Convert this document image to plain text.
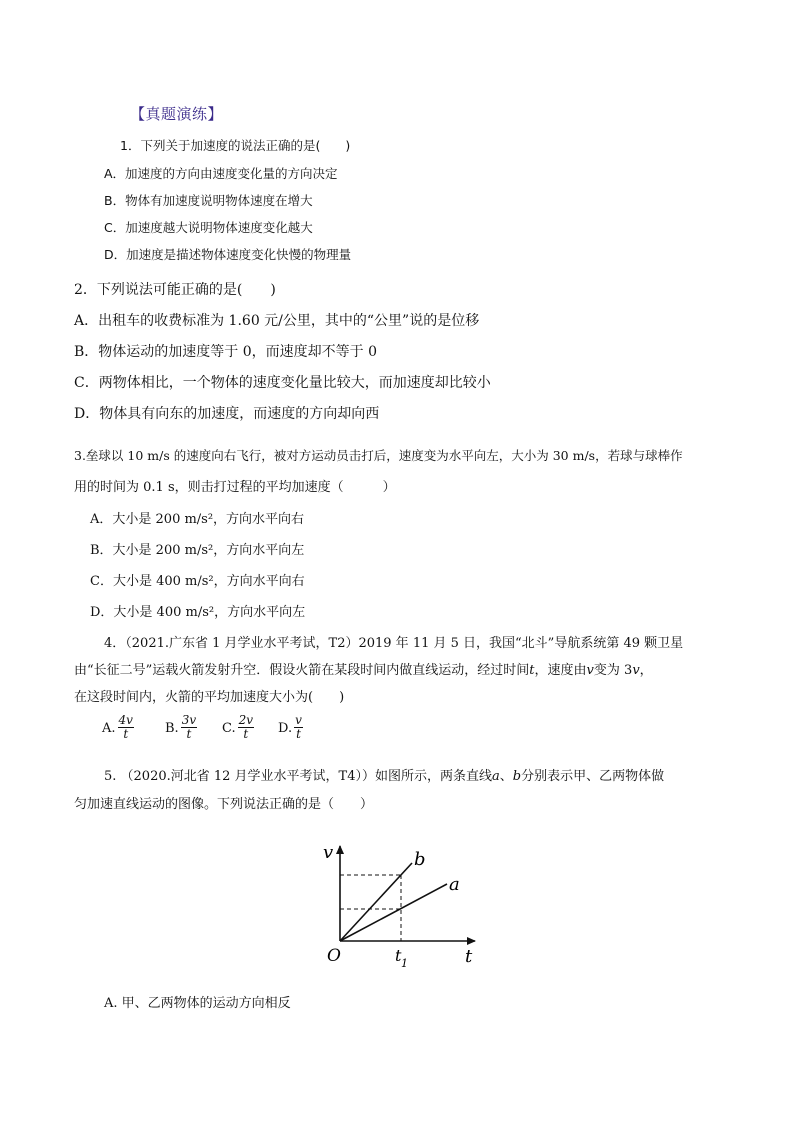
【真题演练】
1．下列关于加速度的说法正确的是(　　)
A．加速度的方向由速度变化量的方向决定
B．物体有加速度说明物体速度在增大
C．加速度越大说明物体速度变化越大
D．加速度是描述物体速度变化快慢的物理量
2．下列说法可能正确的是(　　)
A．出租车的收费标准为 1.60 元/公里，其中的“公里”说的是位移
B．物体运动的加速度等于 0，而速度却不等于 0
C．两物体相比，一个物体的速度变化量比较大，而加速度却比较小
D．物体具有向东的加速度，而速度的方向却向西
3.垒球以 10 m/s 的速度向右飞行，被对方运动员击打后，速度变为水平向左，大小为 30 m/s，若球与球棒作
用的时间为 0.1 s，则击打过程的平均加速度（　　　）
A．大小是 200 m/s²，方向水平向右
B．大小是 200 m/s²，方向水平向左
C．大小是 400 m/s²，方向水平向右
D．大小是 400 m/s²，方向水平向左
4．（2021.广东省 1 月学业水平考试，T2）2019 年 11 月 5 日，我国“北斗”导航系统第 49 颗卫星
由“长征二号”运载火箭发射升空．假设火箭在某段时间内做直线运动，经过时间t，速度由v变为 3v，
在这段时间内，火箭的平均加速度大小为(　　)
A. $\frac{4v}{t} B$. $\frac{3v}{t} C$. $\frac{2v}{t} D$. $\frac{v}{t}$
5. （2020.河北省 12 月学业水平考试，T4））如图所示，两条直线a、b分别表示甲、乙两物体做
匀加速直线运动的图像。下列说法正确的是（　　）
v
t
O	t 1
b
a
A. 甲、乙两物体的运动方向相反
